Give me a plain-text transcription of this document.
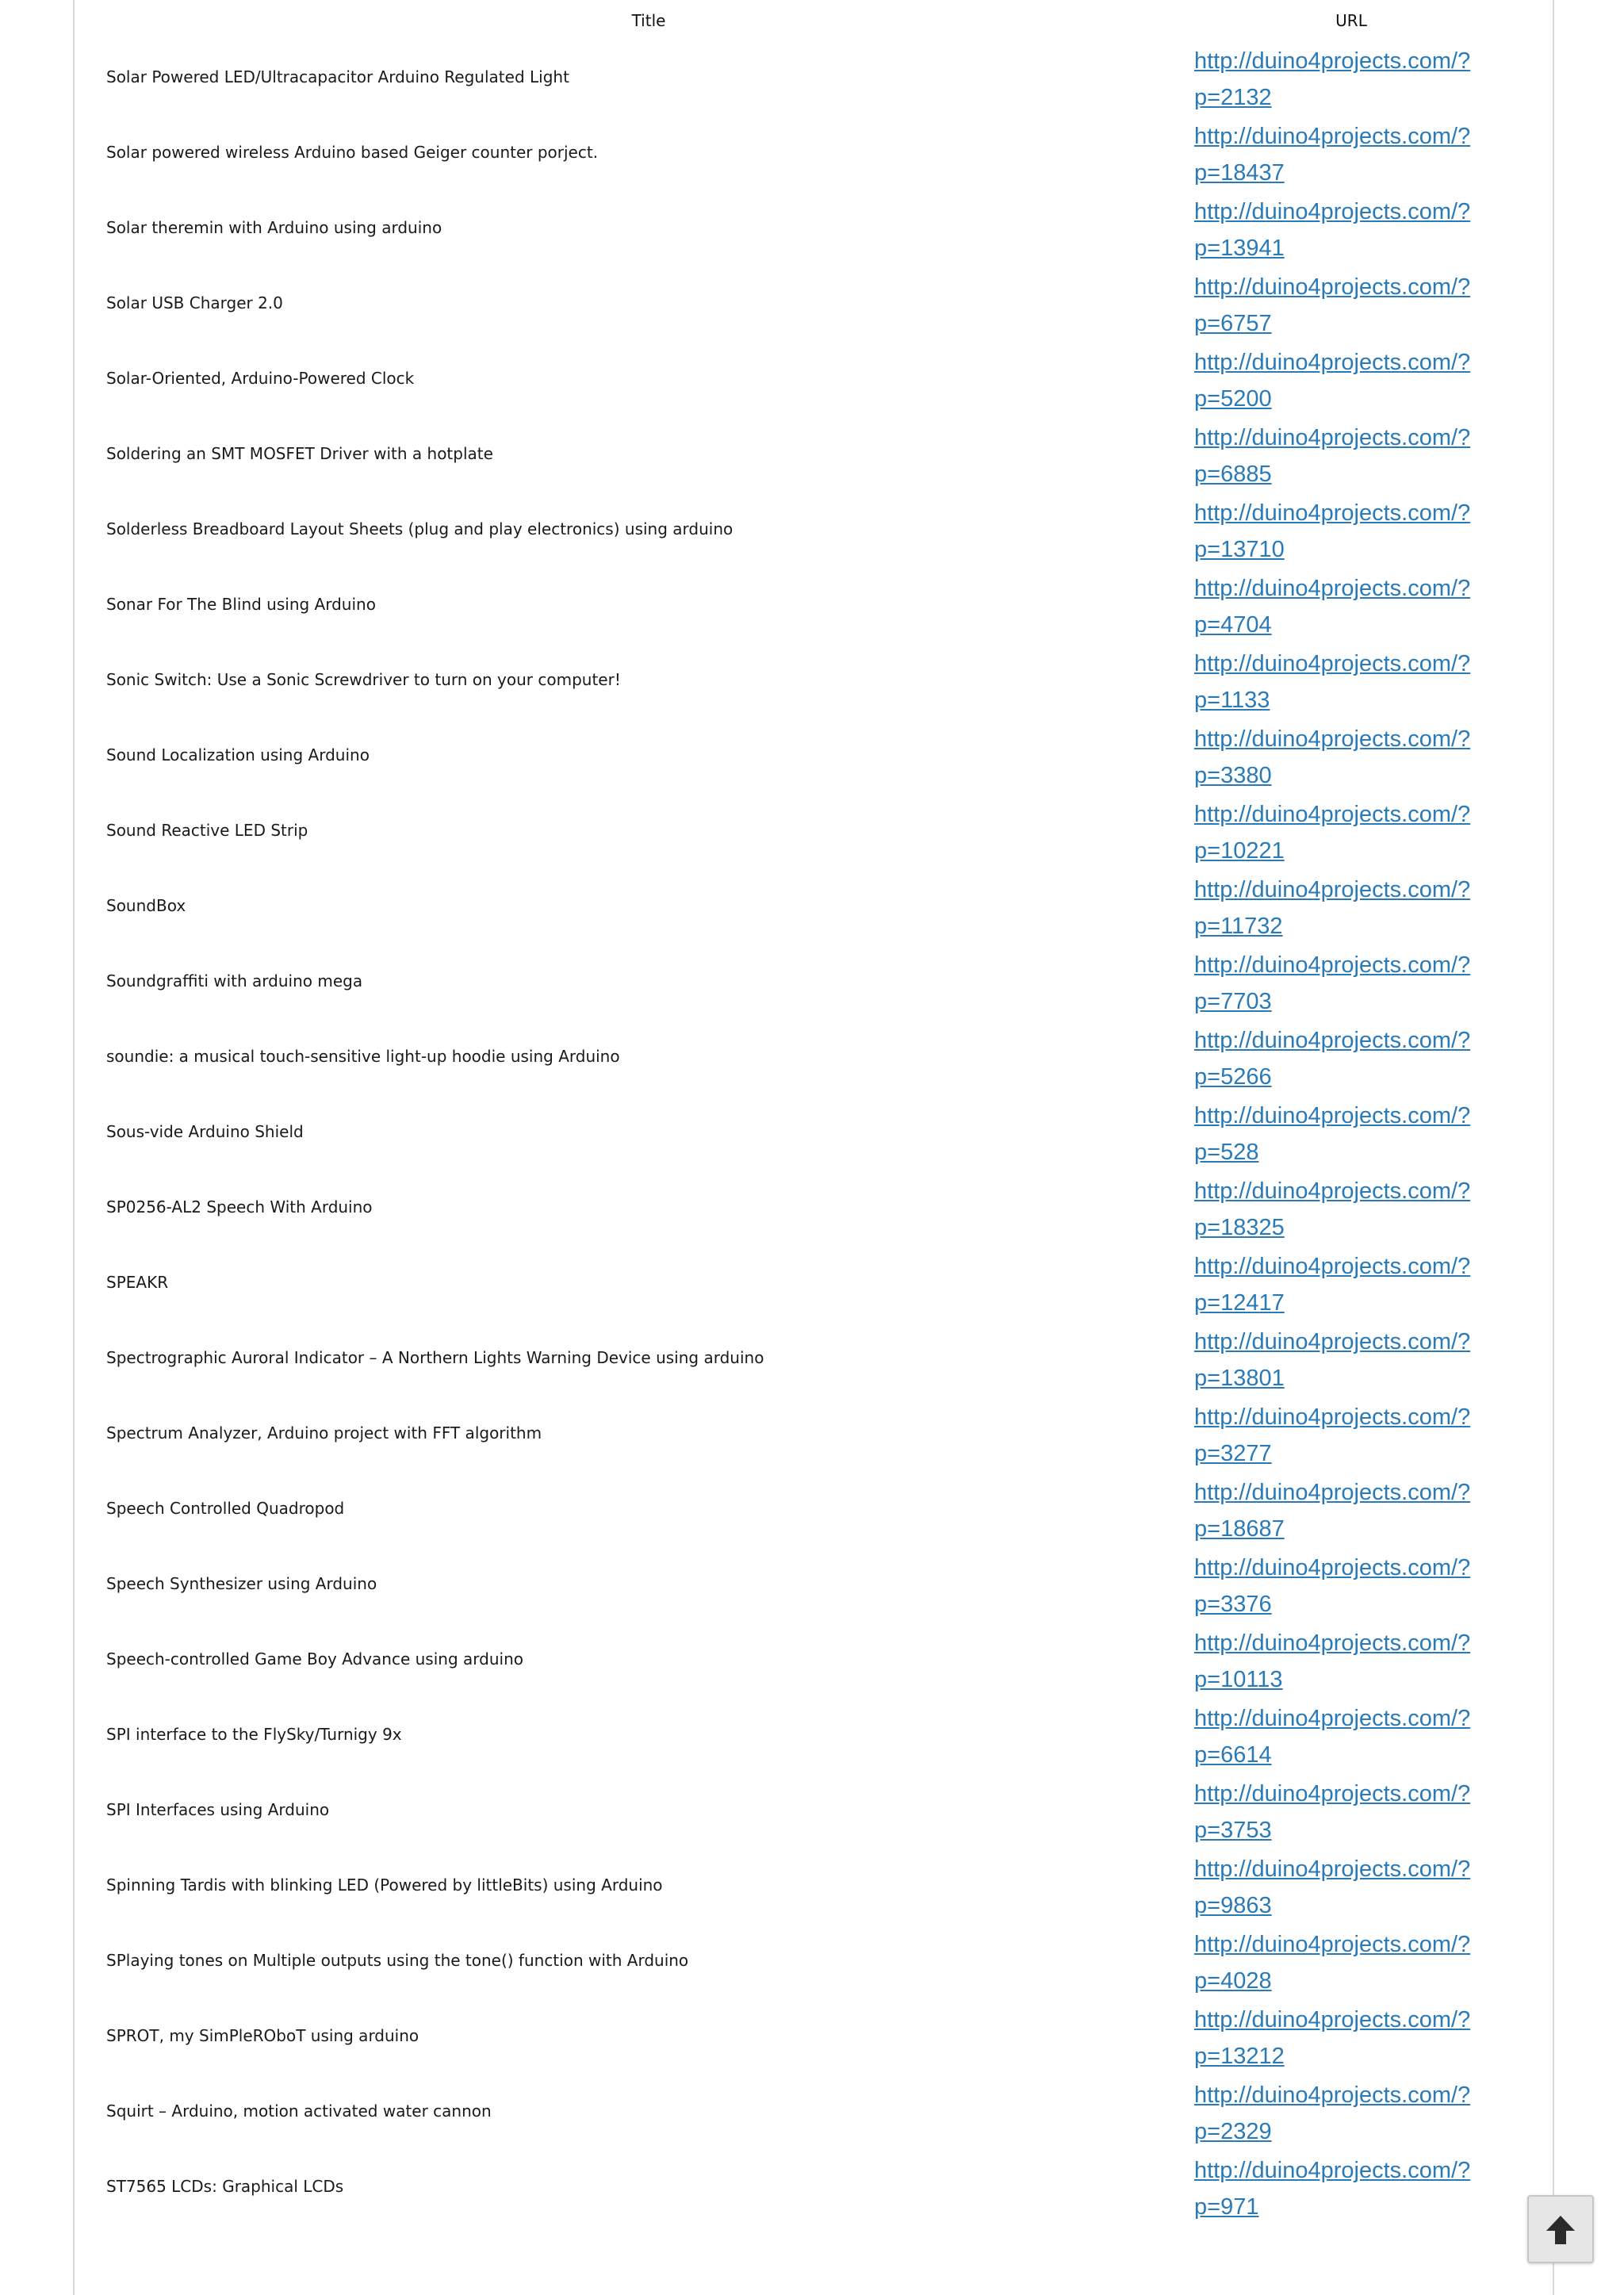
Title	URL
Solar Powered LED/Ultracapacitor Arduino Regulated Light
http://duino4projects.com/?p=2132
Solar powered wireless Arduino based Geiger counter porject.
http://duino4projects.com/?p=18437
Solar theremin with Arduino using arduino
http://duino4projects.com/?p=13941
Solar USB Charger 2.0
http://duino4projects.com/?p=6757
Solar-Oriented, Arduino-Powered Clock
http://duino4projects.com/?p=5200
Soldering an SMT MOSFET Driver with a hotplate
http://duino4projects.com/?p=6885
Solderless Breadboard Layout Sheets (plug and play electronics) using arduino
http://duino4projects.com/?p=13710
Sonar For The Blind using Arduino
http://duino4projects.com/?p=4704
Sonic Switch: Use a Sonic Screwdriver to turn on your computer!
http://duino4projects.com/?p=1133
Sound Localization using Arduino
http://duino4projects.com/?p=3380
Sound Reactive LED Strip
http://duino4projects.com/?p=10221
SoundBox
http://duino4projects.com/?p=11732
Soundgraffiti with arduino mega
http://duino4projects.com/?p=7703
soundie: a musical touch-sensitive light-up hoodie using Arduino
http://duino4projects.com/?p=5266
Sous-vide Arduino Shield
http://duino4projects.com/?p=528
SP0256-AL2 Speech With Arduino
http://duino4projects.com/?p=18325
SPEAKR
http://duino4projects.com/?p=12417
Spectrographic Auroral Indicator – A Northern Lights Warning Device using arduino
http://duino4projects.com/?p=13801
Spectrum Analyzer, Arduino project with FFT algorithm
http://duino4projects.com/?p=3277
Speech Controlled Quadropod
http://duino4projects.com/?p=18687
Speech Synthesizer using Arduino
http://duino4projects.com/?p=3376
Speech-controlled Game Boy Advance using arduino
http://duino4projects.com/?p=10113
SPI interface to the FlySky/Turnigy 9x
http://duino4projects.com/?p=6614
SPI Interfaces using Arduino
http://duino4projects.com/?p=3753
Spinning Tardis with blinking LED (Powered by littleBits) using Arduino
http://duino4projects.com/?p=9863
SPlaying tones on Multiple outputs using the tone() function with Arduino
http://duino4projects.com/?p=4028
SPROT, my SimPleRObоT using arduino
http://duino4projects.com/?p=13212
Squirt – Arduino, motion activated water cannon
http://duino4projects.com/?p=2329
ST7565 LCDs: Graphical LCDs
http://duino4projects.com/?p=971
